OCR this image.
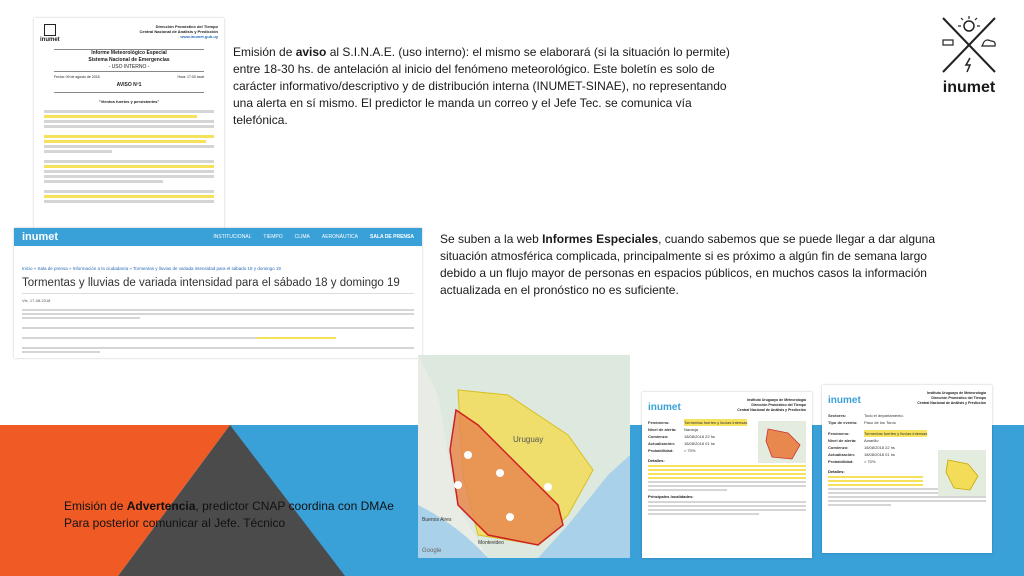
inumet
inumet
Dirección Pronóstico del Tiempo
Central Nacional de Análisis y Predicción
www.inumet.gub.uy
Informe Meteorológico Especial
Sistema Nacional de Emergencias
- USO INTERNO -
Fecha: 09 de agosto de 2018	Hora: 17:00 local
AVISO Nº1
"Vientos fuertes y persistentes"
Emisión de aviso al S.I.N.A.E. (uso interno): el mismo se elaborará (si la situación lo permite) entre 18-30 hs. de antelación al inicio del fenómeno meteorológico. Este boletín es solo de carácter informativo/descriptivo y de distribución interna (INUMET-SINAE), no representando una alerta en sí mismo. El predictor le manda un correo y el Jefe Tec. se comunica vía telefónica.
inumet	INSTITUCIONAL TIEMPO CLIMA AERONÁUTICA SALA DE PRENSA
Inicio » Sala de prensa » Información a la ciudadanía » Tormentas y lluvias de variada intensidad para el sábado 18 y domingo 19
Tormentas y lluvias de variada intensidad para el sábado 18 y domingo 19
Vie, 17-08-2018
Se suben a la web Informes Especiales, cuando sabemos que se puede llegar a dar alguna situación atmosférica complicada, principalmente si es próximo a algún fin de semana largo debido a un flujo mayor de personas en espacios públicos, en muchos casos la información actualizada en el pronóstico no es suficiente.
Uruguay
Buenos Aires
Montevideo
Google
inumet
Instituto Uruguayo de Meteorología
Dirección Pronóstico del Tiempo
Central Nacional de Análisis y Predicción
Fenómeno:	Tormentas fuertes y lluvias intensas
Nivel de alerta:	Naranja
Comienzo:	18/08/2018 22 hs
Actualización:	18/08/2018 01 hs
Probabilidad:	> 70%
Detalles:
Principales localidades:
inumet
Instituto Uruguayo de Meteorología
Dirección Pronóstico del Tiempo
Central Nacional de Análisis y Predicción
Sectores:	Todo el departamento.
Tipo de evento:	Paso de los Toros
Fenómeno:	Tormentas fuertes y lluvias intensas
Nivel de alerta:	Amarillo
Comienzo:	18/08/2018 22 hs
Actualización:	18/08/2018 01 hs
Probabilidad:	> 70%
Detalles:
Emisión de Advertencia, predictor CNAP coordina con DMAe
Para posterior comunicar al Jefe. Técnico
